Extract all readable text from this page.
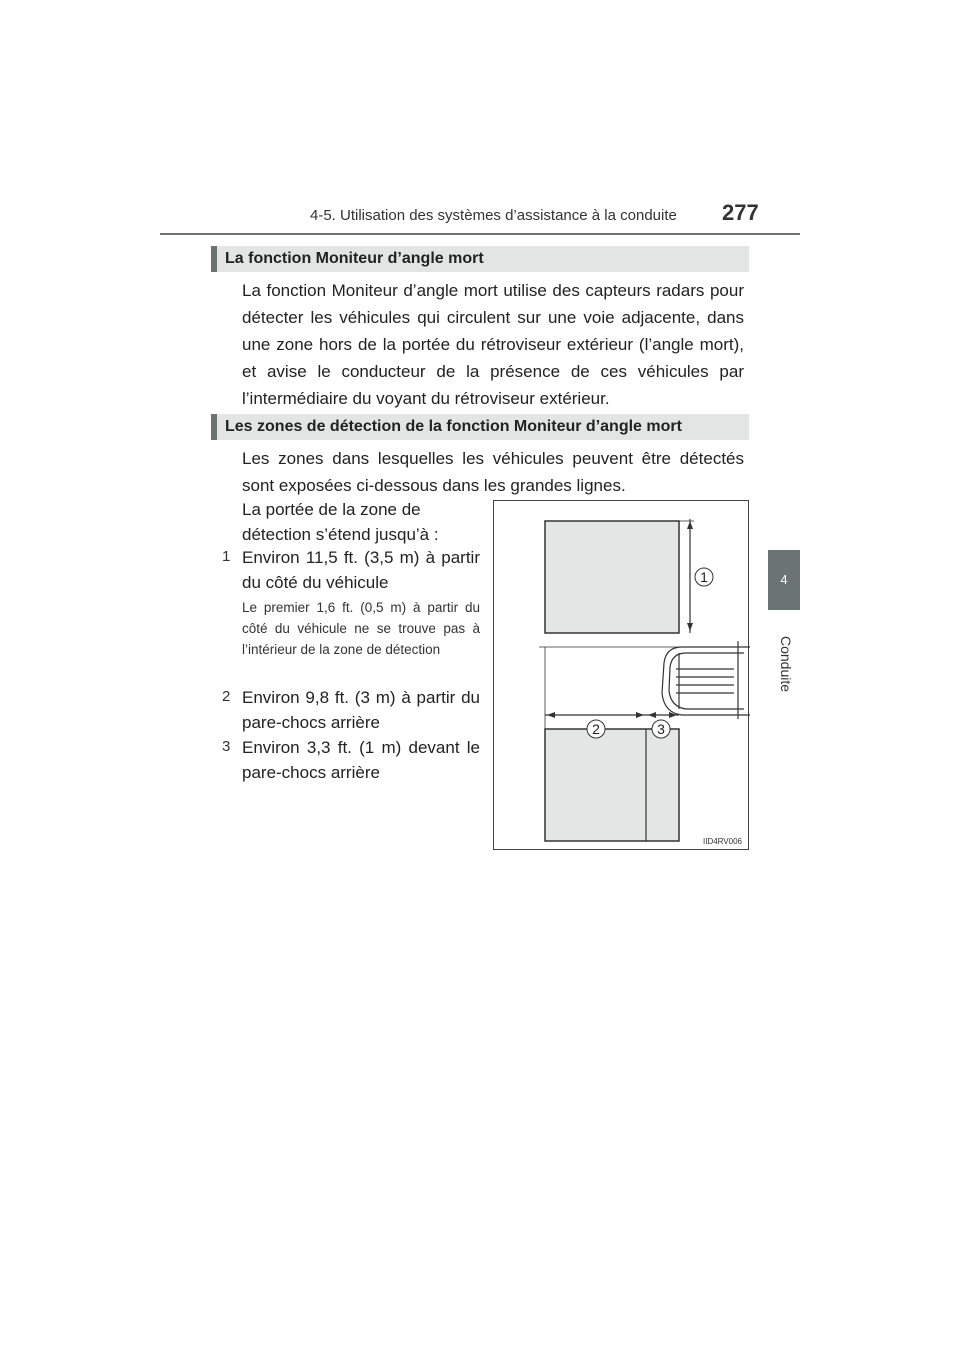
4-5. Utilisation des systèmes d’assistance à la conduite 277
4
Conduite
La fonction Moniteur d’angle mort

La fonction Moniteur d’angle mort utilise des capteurs radars pour détecter les véhicules qui circulent sur une voie adjacente, dans une zone hors de la portée du rétroviseur extérieur (l’angle mort), et avise le conducteur de la présence de ces véhicules par l’intermédiaire du voyant du rétroviseur extérieur.

Les zones de détection de la fonction Moniteur d’angle mort

Les zones dans lesquelles les véhicules peuvent être détectés sont exposées ci-dessous dans les grandes lignes.

La portée de la zone de détection s’étend jusqu’à :
1 Environ 11,5 ft. (3,5 m) à partir du côté du véhicule
Le premier 1,6 ft. (0,5 m) à partir du côté du véhicule ne se trouve pas à l’intérieur de la zone de détection
2 Environ 9,8 ft. (3 m) à partir du pare-chocs arrière
3 Environ 3,3 ft. (1 m) devant le pare-chocs arrière
1
2	3
IID4RV006
